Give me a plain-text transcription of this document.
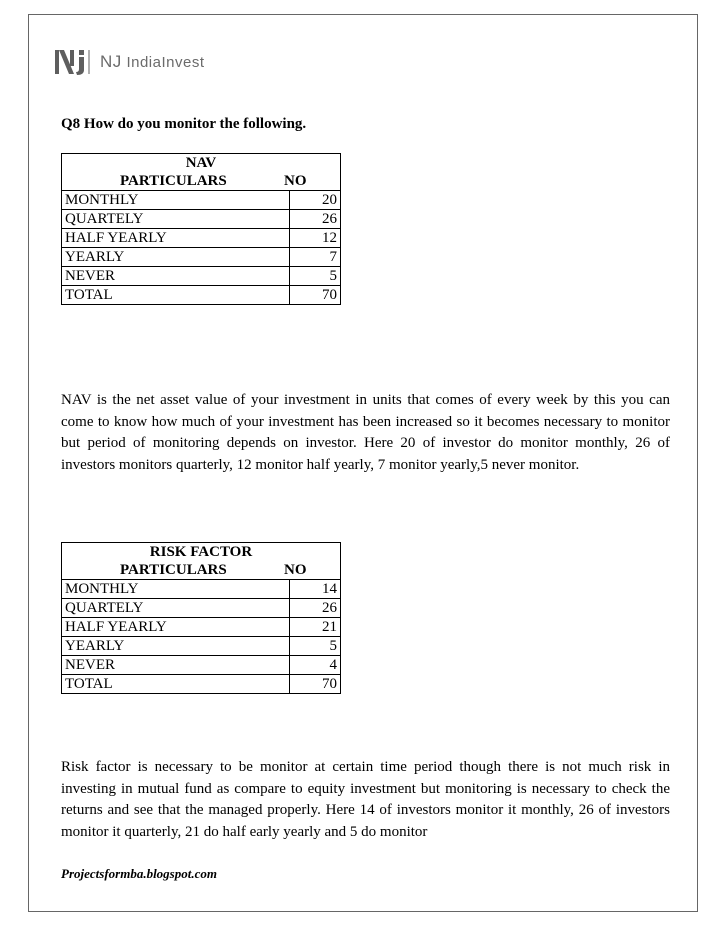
NJ IndiaInvest
Q8 How do you monitor the following.
NAV	

PARTICULARS NO	

MONTHLY	20
QUARTELY	26
HALF YEARLY	12
YEARLY	7
NEVER	5
TOTAL	70
NAV is the net asset value of your investment in units that comes of every week by this you can come to know how much of your investment has been increased so it becomes necessary to monitor but period of monitoring depends on investor. Here 20 of investor do monitor monthly, 26 of investors monitors quarterly, 12 monitor half yearly, 7 monitor yearly,5 never monitor.
RISK FACTOR	

PARTICULARS NO	

MONTHLY	14
QUARTELY	26
HALF YEARLY	21
YEARLY	5
NEVER	4
TOTAL	70
Risk factor is necessary to be monitor at certain time period though there is not much risk in investing in mutual fund as compare to equity investment but monitoring is necessary to check the returns and see that the managed properly. Here 14 of investors monitor it monthly, 26 of investors monitor it quarterly, 21 do half early yearly and 5 do monitor
Projectsformba.blogspot.com
